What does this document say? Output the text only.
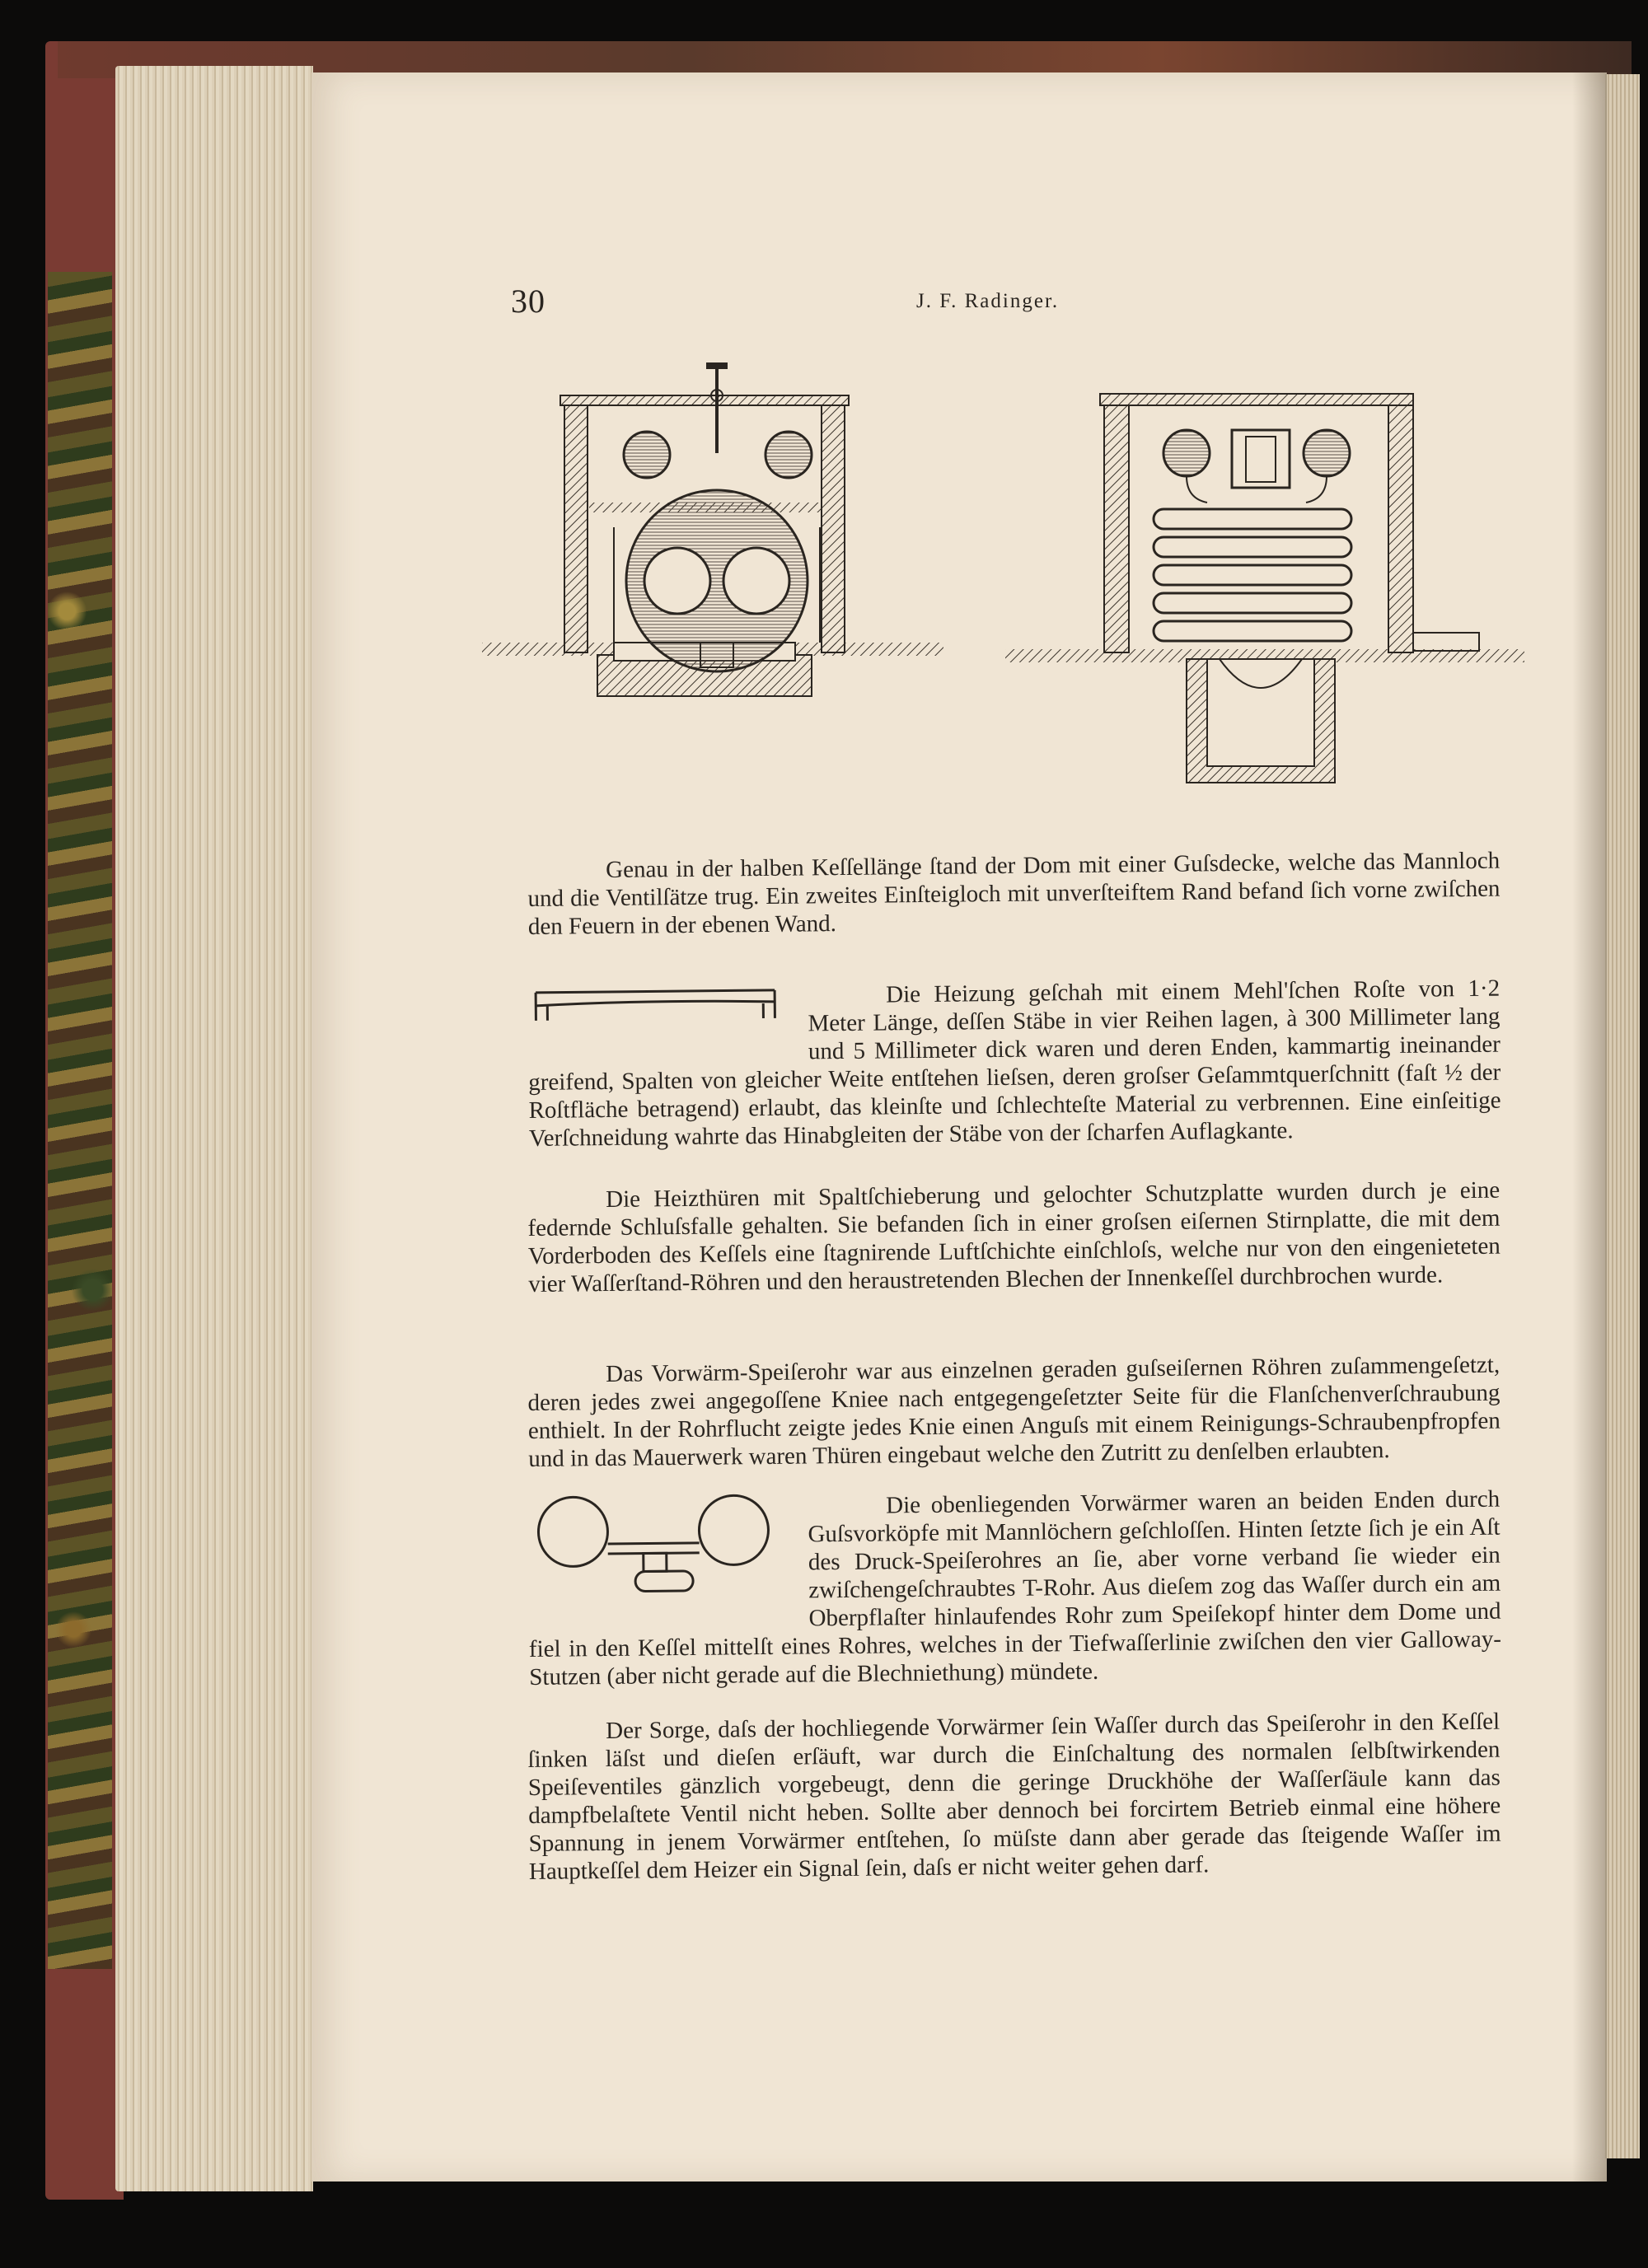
30	J. F. Radinger.

Genau in der halben Keſſellänge ſtand der Dom mit einer Guſsdecke, welche das Mannloch und die Ventilſätze trug. Ein zweites Einſteigloch mit unverſteiftem Rand befand ſich vorne zwiſchen den Feuern in der ebenen Wand.

Die Heizung geſchah mit einem Mehl'ſchen Roſte von 1·2 Meter Länge, deſſen Stäbe in vier Reihen lagen, à 300 Millimeter lang und 5 Millimeter dick waren und deren Enden, kammartig ineinander greifend, Spalten von gleicher Weite entſtehen lieſsen, deren groſser Geſammtquerſchnitt (faſt ½ der Roſtfläche betragend) erlaubt, das kleinſte und ſchlechteſte Material zu verbrennen. Eine einſeitige Verſchneidung wahrte das Hinabgleiten der Stäbe von der ſcharfen Auflagkante.

Die Heizthüren mit Spaltſchieberung und gelochter Schutzplatte wurden durch je eine federnde Schluſsfalle gehalten. Sie befanden ſich in einer groſsen eiſernen Stirnplatte, die mit dem Vorderboden des Keſſels eine ſtagnirende Luftſchichte einſchloſs, welche nur von den eingenieteten vier Waſſerſtand-Röhren und den heraustretenden Blechen der Innenkeſſel durchbrochen wurde.

Das Vorwärm-Speiſerohr war aus einzelnen geraden guſseiſernen Röhren zuſammengeſetzt, deren jedes zwei angegoſſene Kniee nach entgegengeſetzter Seite für die Flanſchenverſchraubung enthielt. In der Rohrflucht zeigte jedes Knie einen Anguſs mit einem Reinigungs-Schraubenpfropfen und in das Mauerwerk waren Thüren eingebaut welche den Zutritt zu denſelben erlaubten.

Die obenliegenden Vorwärmer waren an beiden Enden durch Guſsvorköpfe mit Mannlöchern geſchloſſen. Hinten ſetzte ſich je ein Aſt des Druck-Speiſerohres an ſie, aber vorne verband ſie wieder ein zwiſchengeſchraubtes T-Rohr. Aus dieſem zog das Waſſer durch ein am Oberpflaſter hinlaufendes Rohr zum Speiſekopf hinter dem Dome und fiel in den Keſſel mittelſt eines Rohres, welches in der Tiefwaſſerlinie zwiſchen den vier Galloway-Stutzen (aber nicht gerade auf die Blechniethung) mündete.

Der Sorge, daſs der hochliegende Vorwärmer ſein Waſſer durch das Speiſerohr in den Keſſel ſinken läſst und dieſen erſäuft, war durch die Einſchaltung des normalen ſelbſtwirkenden Speiſeventiles gänzlich vorgebeugt, denn die geringe Druckhöhe der Waſſerſäule kann das dampfbelaſtete Ventil nicht heben. Sollte aber dennoch bei forcirtem Betrieb einmal eine höhere Spannung in jenem Vorwärmer entſtehen, ſo müſste dann aber gerade das ſteigende Waſſer im Hauptkeſſel dem Heizer ein Signal ſein, daſs er nicht weiter gehen darf.
